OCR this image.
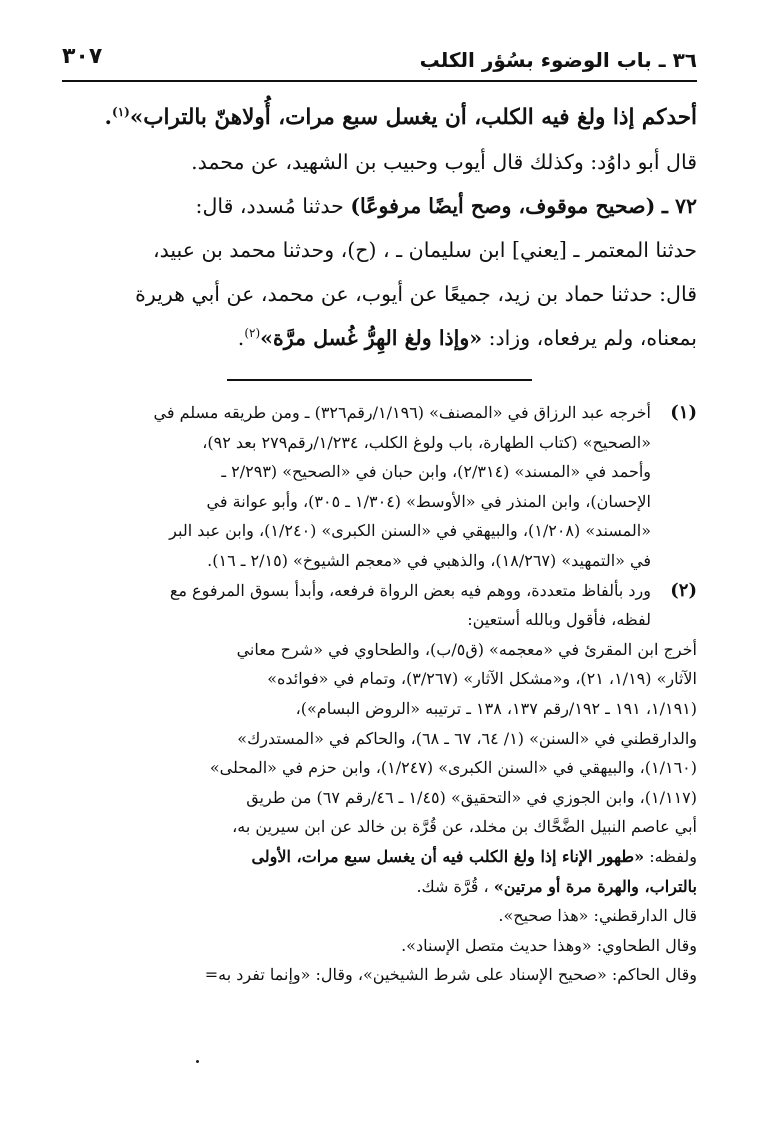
٣٦ ـ باب الوضوء بسُؤر الكلب
٣٠٧

أحدكم إذا ولغ فيه الكلب، أن يغسل سبع مرات، أُولاهنّ بالتراب»$^{(١)}$.

قال أبو داوُد: وكذلك قال أيوب وحبيب بن الشهيد، عن محمد.

٧٢ ـ (صحيح موقوف، وصح أيضًا مرفوعًا) حدثنا مُسدد، قال:

حدثنا المعتمر ـ [يعني] ابن سليمان ـ ، (ح)، وحدثنا محمد بن عبيد،

قال: حدثنا حماد بن زيد، جميعًا عن أيوب، عن محمد، عن أبي هريرة

بمعناه، ولم يرفعاه، وزاد: «وإذا ولغ الهِرُّ غُسل مرَّة»$^{(٢)}$.

(١)

أخرجه عبد الرزاق في «المصنف» (١/١٩٦/رقم٣٢٦) ـ ومن طريقه مسلم في

«الصحيح» (كتاب الطهارة، باب ولوغ الكلب، ١/٢٣٤/رقم٢٧٩ بعد ٩٢)،

وأحمد في «المسند» (٢/٣١٤)، وابن حبان في «الصحيح» (٢/٢٩٣ ـ

الإحسان)، وابن المنذر في «الأوسط» (١/٣٠٤ ـ ٣٠٥)، وأبو عوانة في

«المسند» (١/٢٠٨)، والبيهقي في «السنن الكبرى» (١/٢٤٠)، وابن عبد البر

في «التمهيد» (١٨/٢٦٧)، والذهبي في «معجم الشيوخ» (٢/١٥ ـ ١٦).

(٢)

ورد بألفاظ متعددة، ووهم فيه بعض الرواة فرفعه، وأبدأ بسوق المرفوع مع

لفظه، فأقول وبالله أستعين:

أخرج ابن المقرئ في «معجمه» (ق٥/ب)، والطحاوي في «شرح معاني

الآثار» (١/١٩، ٢١)، و«مشكل الآثار» (٣/٢٦٧)، وتمام في «فوائده»

(١/١٩١، ١٩١ ـ ١٩٢/رقم ١٣٧، ١٣٨ ـ ترتيبه «الروض البسام»)،

والدارقطني في «السنن» (١/ ٦٤، ٦٧ ـ ٦٨)، والحاكم في «المستدرك»

(١/١٦٠)، والبيهقي في «السنن الكبرى» (١/٢٤٧)، وابن حزم في «المحلى»

(١/١١٧)، وابن الجوزي في «التحقيق» (١/٤٥ ـ ٤٦/رقم ٦٧) من طريق

أبي عاصم النبيل الضَّحَّاك بن مخلد، عن قُرَّة بن خالد عن ابن سيرين به،

ولفظه: «طهور الإناء إذا ولغ الكلب فيه أن يغسل سبع مرات، الأولى

بالتراب، والهرة مرة أو مرتين» ، قُرَّة شك.

قال الدارقطني: «هذا صحيح».

وقال الطحاوي: «وهذا حديث متصل الإسناد».

وقال الحاكم: «صحيح الإسناد على شرط الشيخين»، وقال: «وإنما تفرد به=
